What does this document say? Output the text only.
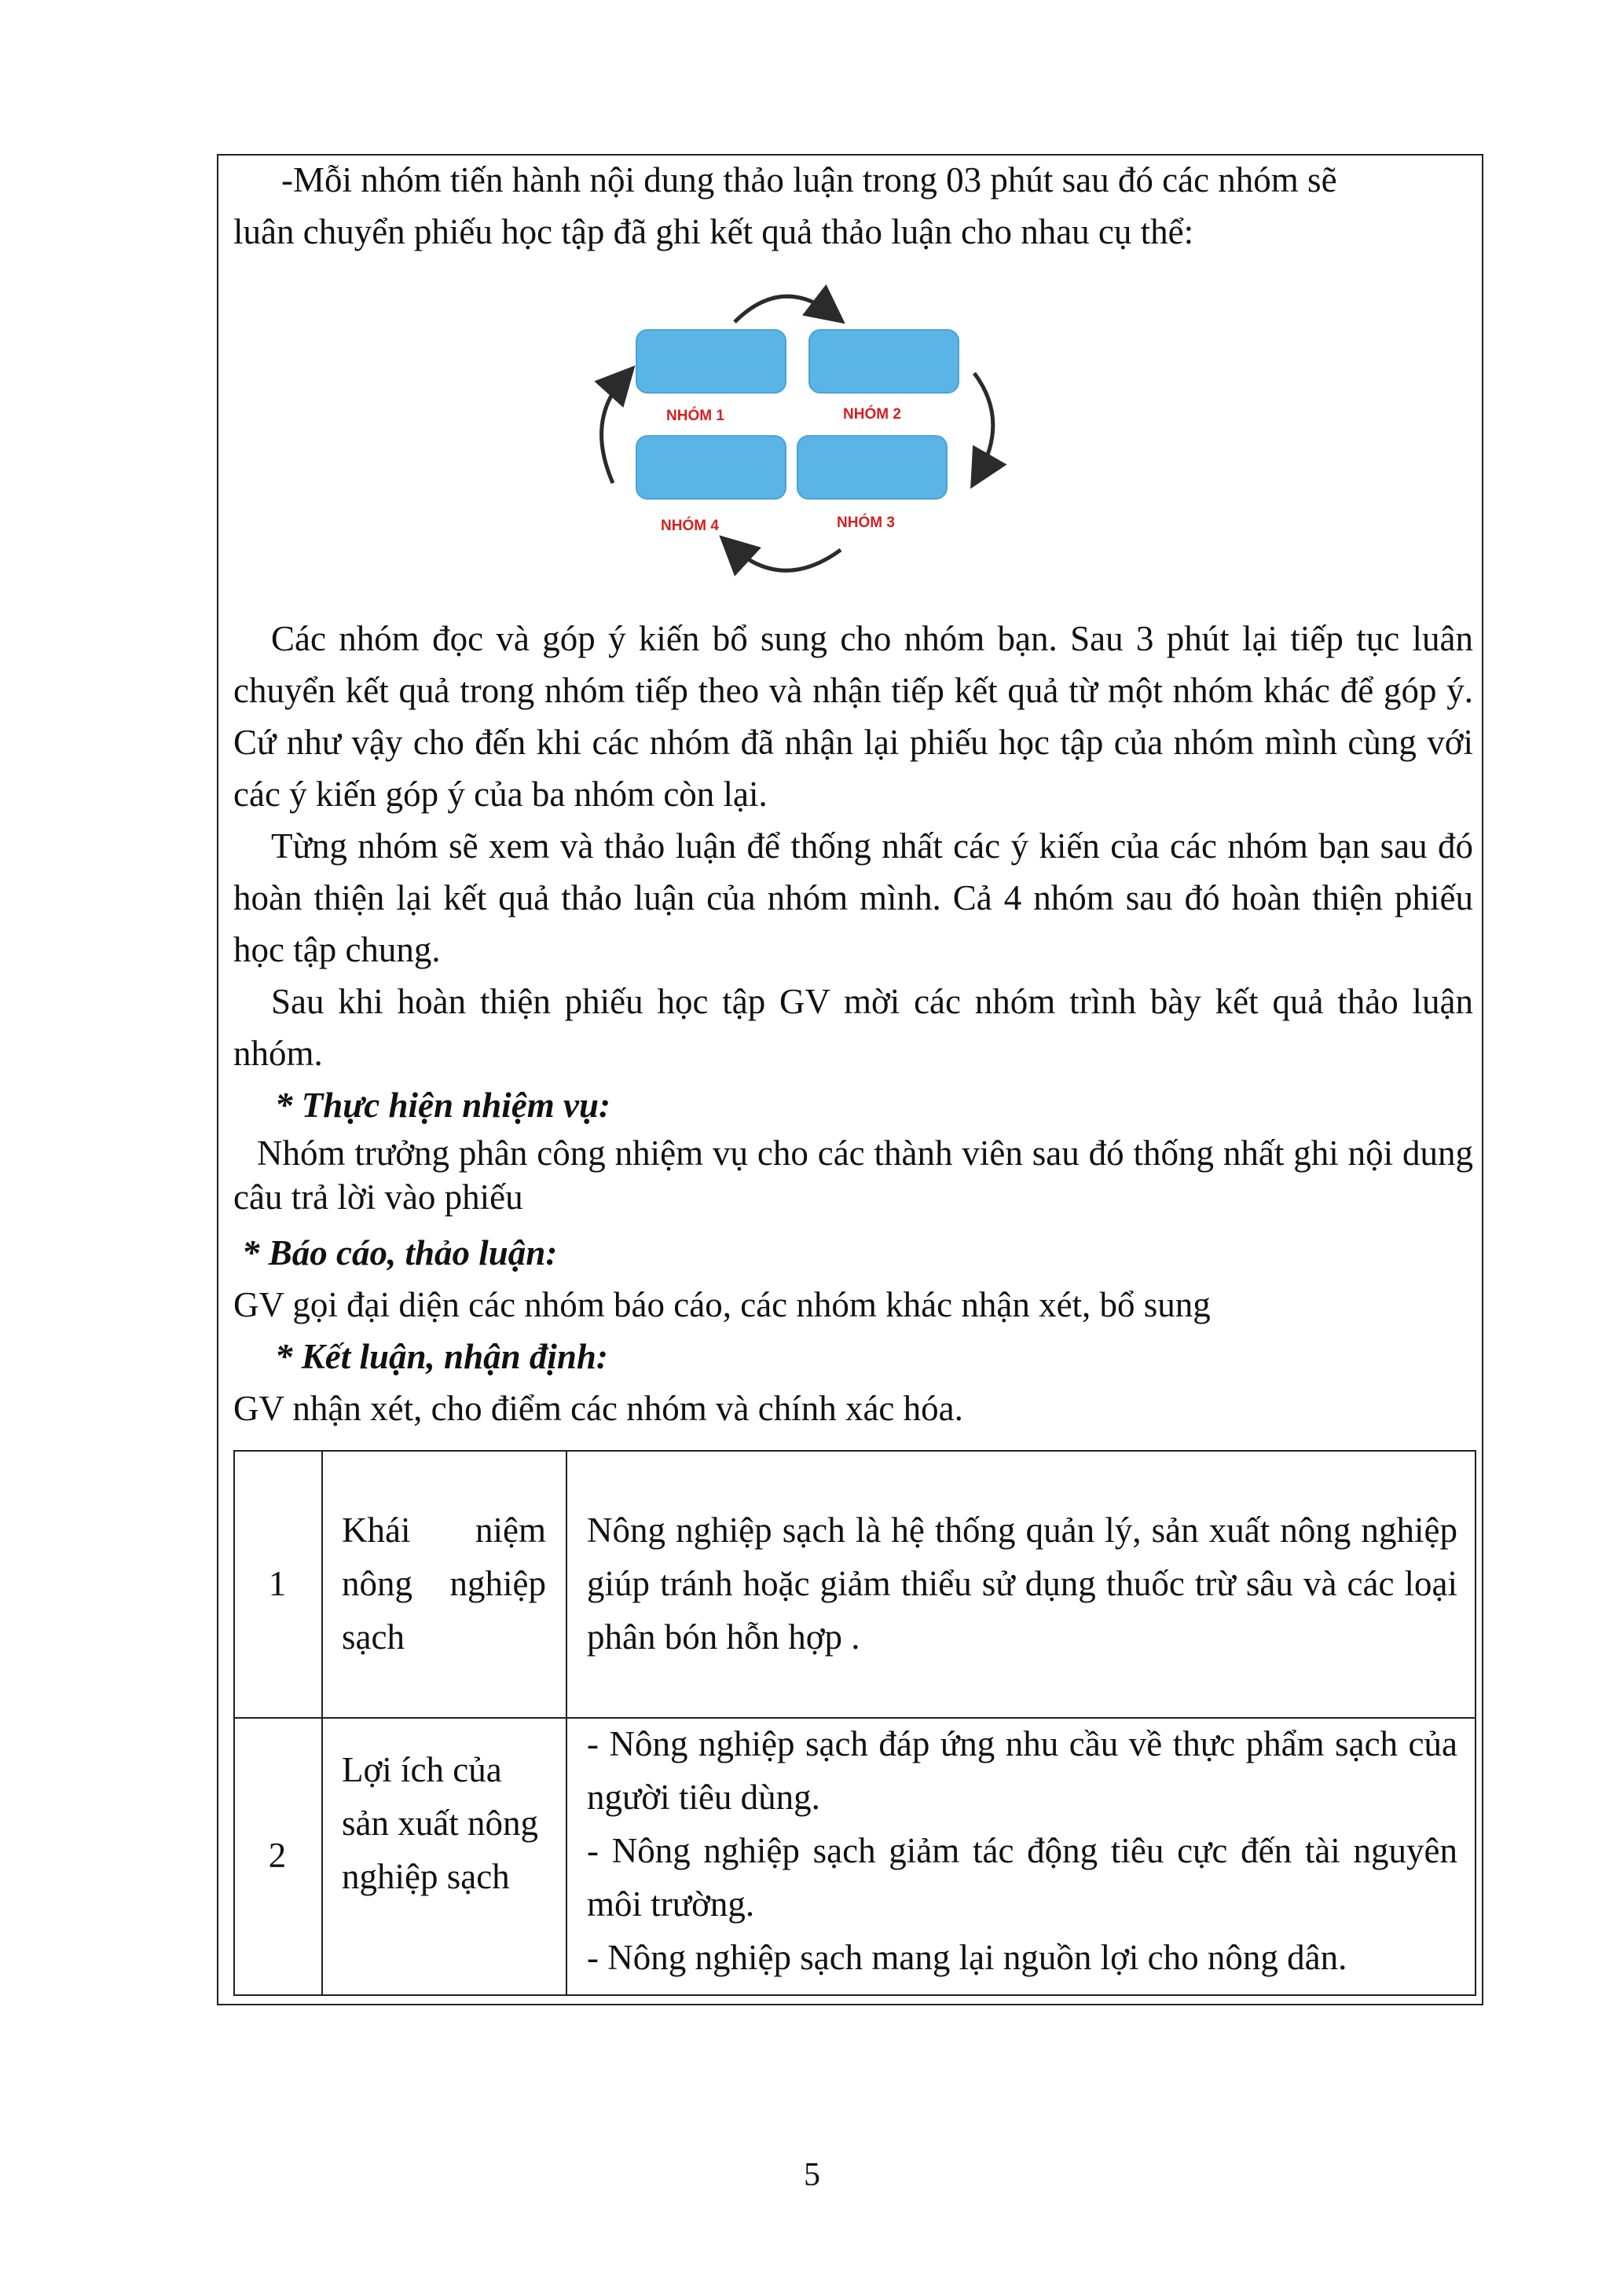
-Mỗi nhóm tiến hành nội dung thảo luận trong 03 phút sau đó các nhóm sẽ

luân chuyển phiếu học tập đã ghi kết quả thảo luận cho nhau cụ thể:

NHÓM 1	NHÓM 2
NHÓM 4	NHÓM 3

Các nhóm đọc và góp ý kiến bổ sung cho nhóm bạn. Sau 3 phút lại tiếp tục luân chuyển kết quả trong nhóm tiếp theo và nhận tiếp kết quả từ một nhóm khác để góp ý. Cứ như vậy cho đến khi các nhóm đã nhận lại phiếu học tập của nhóm mình cùng với các ý kiến góp ý của ba nhóm còn lại.

Từng nhóm sẽ xem và thảo luận để thống nhất các ý kiến của các nhóm bạn sau đó hoàn thiện lại kết quả thảo luận của nhóm mình. Cả 4 nhóm sau đó hoàn thiện phiếu học tập chung.

Sau khi hoàn thiện phiếu học tập GV mời các nhóm trình bày kết quả thảo luận nhóm.

* Thực hiện nhiệm vụ:

Nhóm trưởng phân công nhiệm vụ cho các thành viên sau đó thống nhất ghi nội dung câu trả lời vào phiếu

* Báo cáo, thảo luận:

GV gọi đại diện các nhóm báo cáo, các nhóm khác nhận xét, bổ sung

* Kết luận, nhận định:

GV nhận xét, cho điểm các nhóm và chính xác hóa.

1
Khái niệm nông nghiệp sạch
Nông nghiệp sạch là hệ thống quản lý, sản xuất nông nghiệp giúp tránh hoặc giảm thiểu sử dụng thuốc trừ sâu và các loại phân bón hỗn hợp .
2
Lợi ích của sản xuất nông nghiệp sạch
- Nông nghiệp sạch đáp ứng nhu cầu về thực phẩm sạch của người tiêu dùng.
- Nông nghiệp sạch giảm tác động tiêu cực đến tài nguyên môi trường.
- Nông nghiệp sạch mang lại nguồn lợi cho nông dân.
5
